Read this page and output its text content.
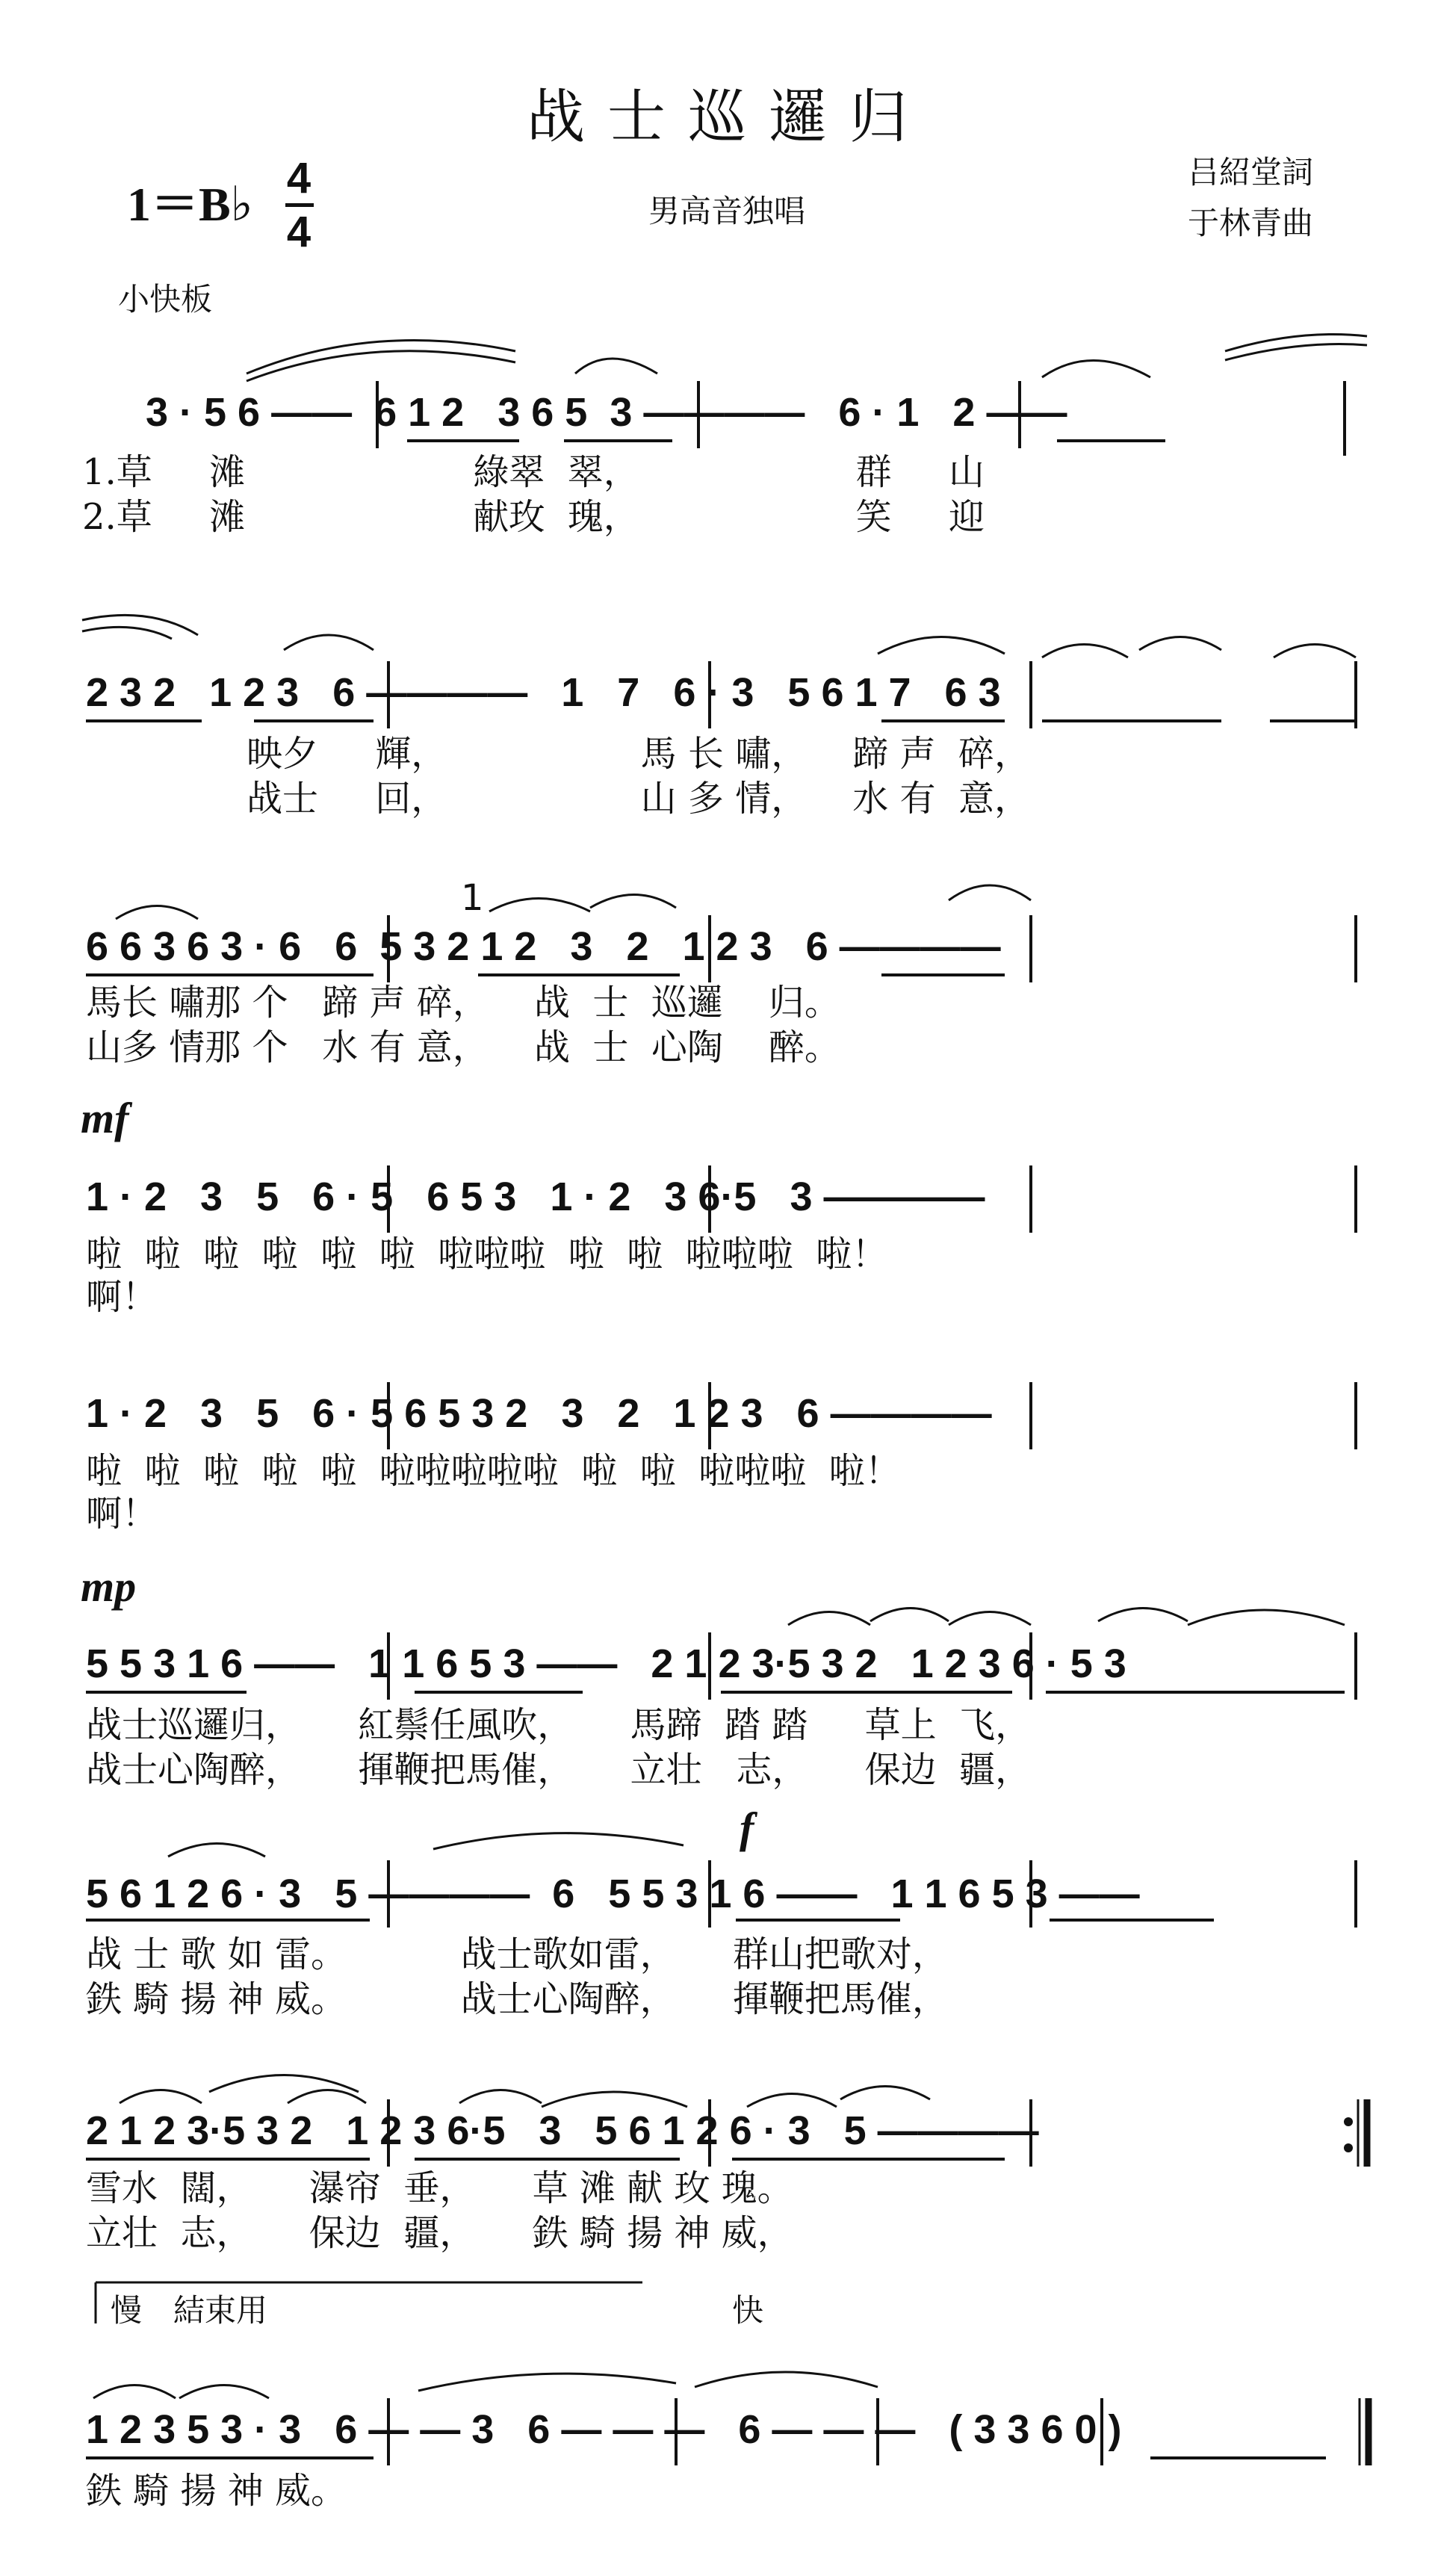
战士巡邏归
1＝B♭ 4
4	男高音独唱
吕紹堂詞
于林青曲
小快板
3 · 5 6 ——  6 1 2   3 6 5  3 ————   6 · 1   2 ——
1.草     滩                    綠翠  翠，                   群     山
2.草     滩                    献玫  瑰，                   笑     迎
2 3 2   1 2 3   6 ————   1   7   6 · 3   5 6 1 7   6 3
映夕     輝，                 馬 长 嘯，    蹄 声  碎，
战士     回，                 山 多 情，    水 有  意，
6 6 3 6 3 · 6   6  5 3 2 1 2   3   2   1 2 3   6 ————
1
馬长 嘯那 个   蹄 声 碎，    战  士  巡邏    归。
山多 情那 个   水 有 意，    战  士  心陶    醉。
mf
1 · 2   3   5   6 · 5   6 5 3   1 · 2   3 6·5   3 ————
啦  啦  啦  啦  啦  啦  啦啦啦  啦  啦  啦啦啦  啦！
啊！
1 · 2   3   5   6 · 5 6 5 3 2   3   2   1 2 3   6 ————
啦  啦  啦  啦  啦  啦啦啦啦啦  啦  啦  啦啦啦  啦！
啊！
mp
5 5 3 1 6 ——   1 1 6 5 3 ——   2 1 2 3·5 3 2   1 2 3 6 · 5 3
战士巡邏归，     紅鬃任風吹，     馬蹄  踏 踏     草上  飞，
战士心陶醉，     揮鞭把馬催，     立壮   志，     保边  疆，
f
5 6 1 2 6 · 3   5 ————  6   5 5 3 1 6 ——   1 1 6 5 3 ——
战 士 歌 如 雷。          战士歌如雷，     群山把歌对，
鉄 騎 揚 神 威。          战士心陶醉，     揮鞭把馬催，
2 1 2 3·5 3 2   1 2 3 6·5   3   5 6 1 2 6 · 3   5 ————
雪水  闊，     瀑帘  垂，     草 滩 献 玫 瑰。
立壮  志，     保边  疆，     鉄 騎 揚 神 威，
慢 結束用	快
1 2 3 5 3 · 3   6 — — 3   6 — — —   6 — — —   ( 3 3 6 0 )
鉄 騎 揚 神 威。
